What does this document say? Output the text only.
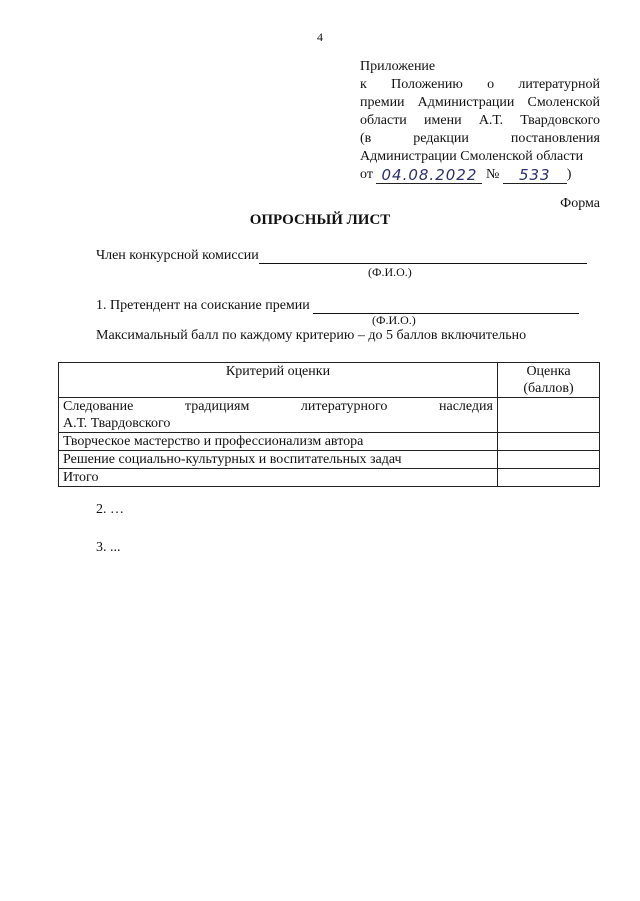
4
Приложение
к Положению о литературной
премии Администрации Смоленской
области имени А.Т. Твардовского
(в	редакции	постановления
Администрации Смоленской области
от
04.08.2022
№
	533	)
Форма
ОПРОСНЫЙ ЛИСТ
Член конкурсной комиссии
(Ф.И.О.)
1. Претендент на соискание премии

(Ф.И.О.)
Максимальный балл по каждому критерию – до 5 баллов включительно
Критерий оценки	Оценка
(баллов)

Следование традициям литературного наследия
А.Т. Твардовского	

Творческое мастерство и профессионализм автора	
Решение социально-культурных и воспитательных задач	
Итого	
2. …
3. ...
